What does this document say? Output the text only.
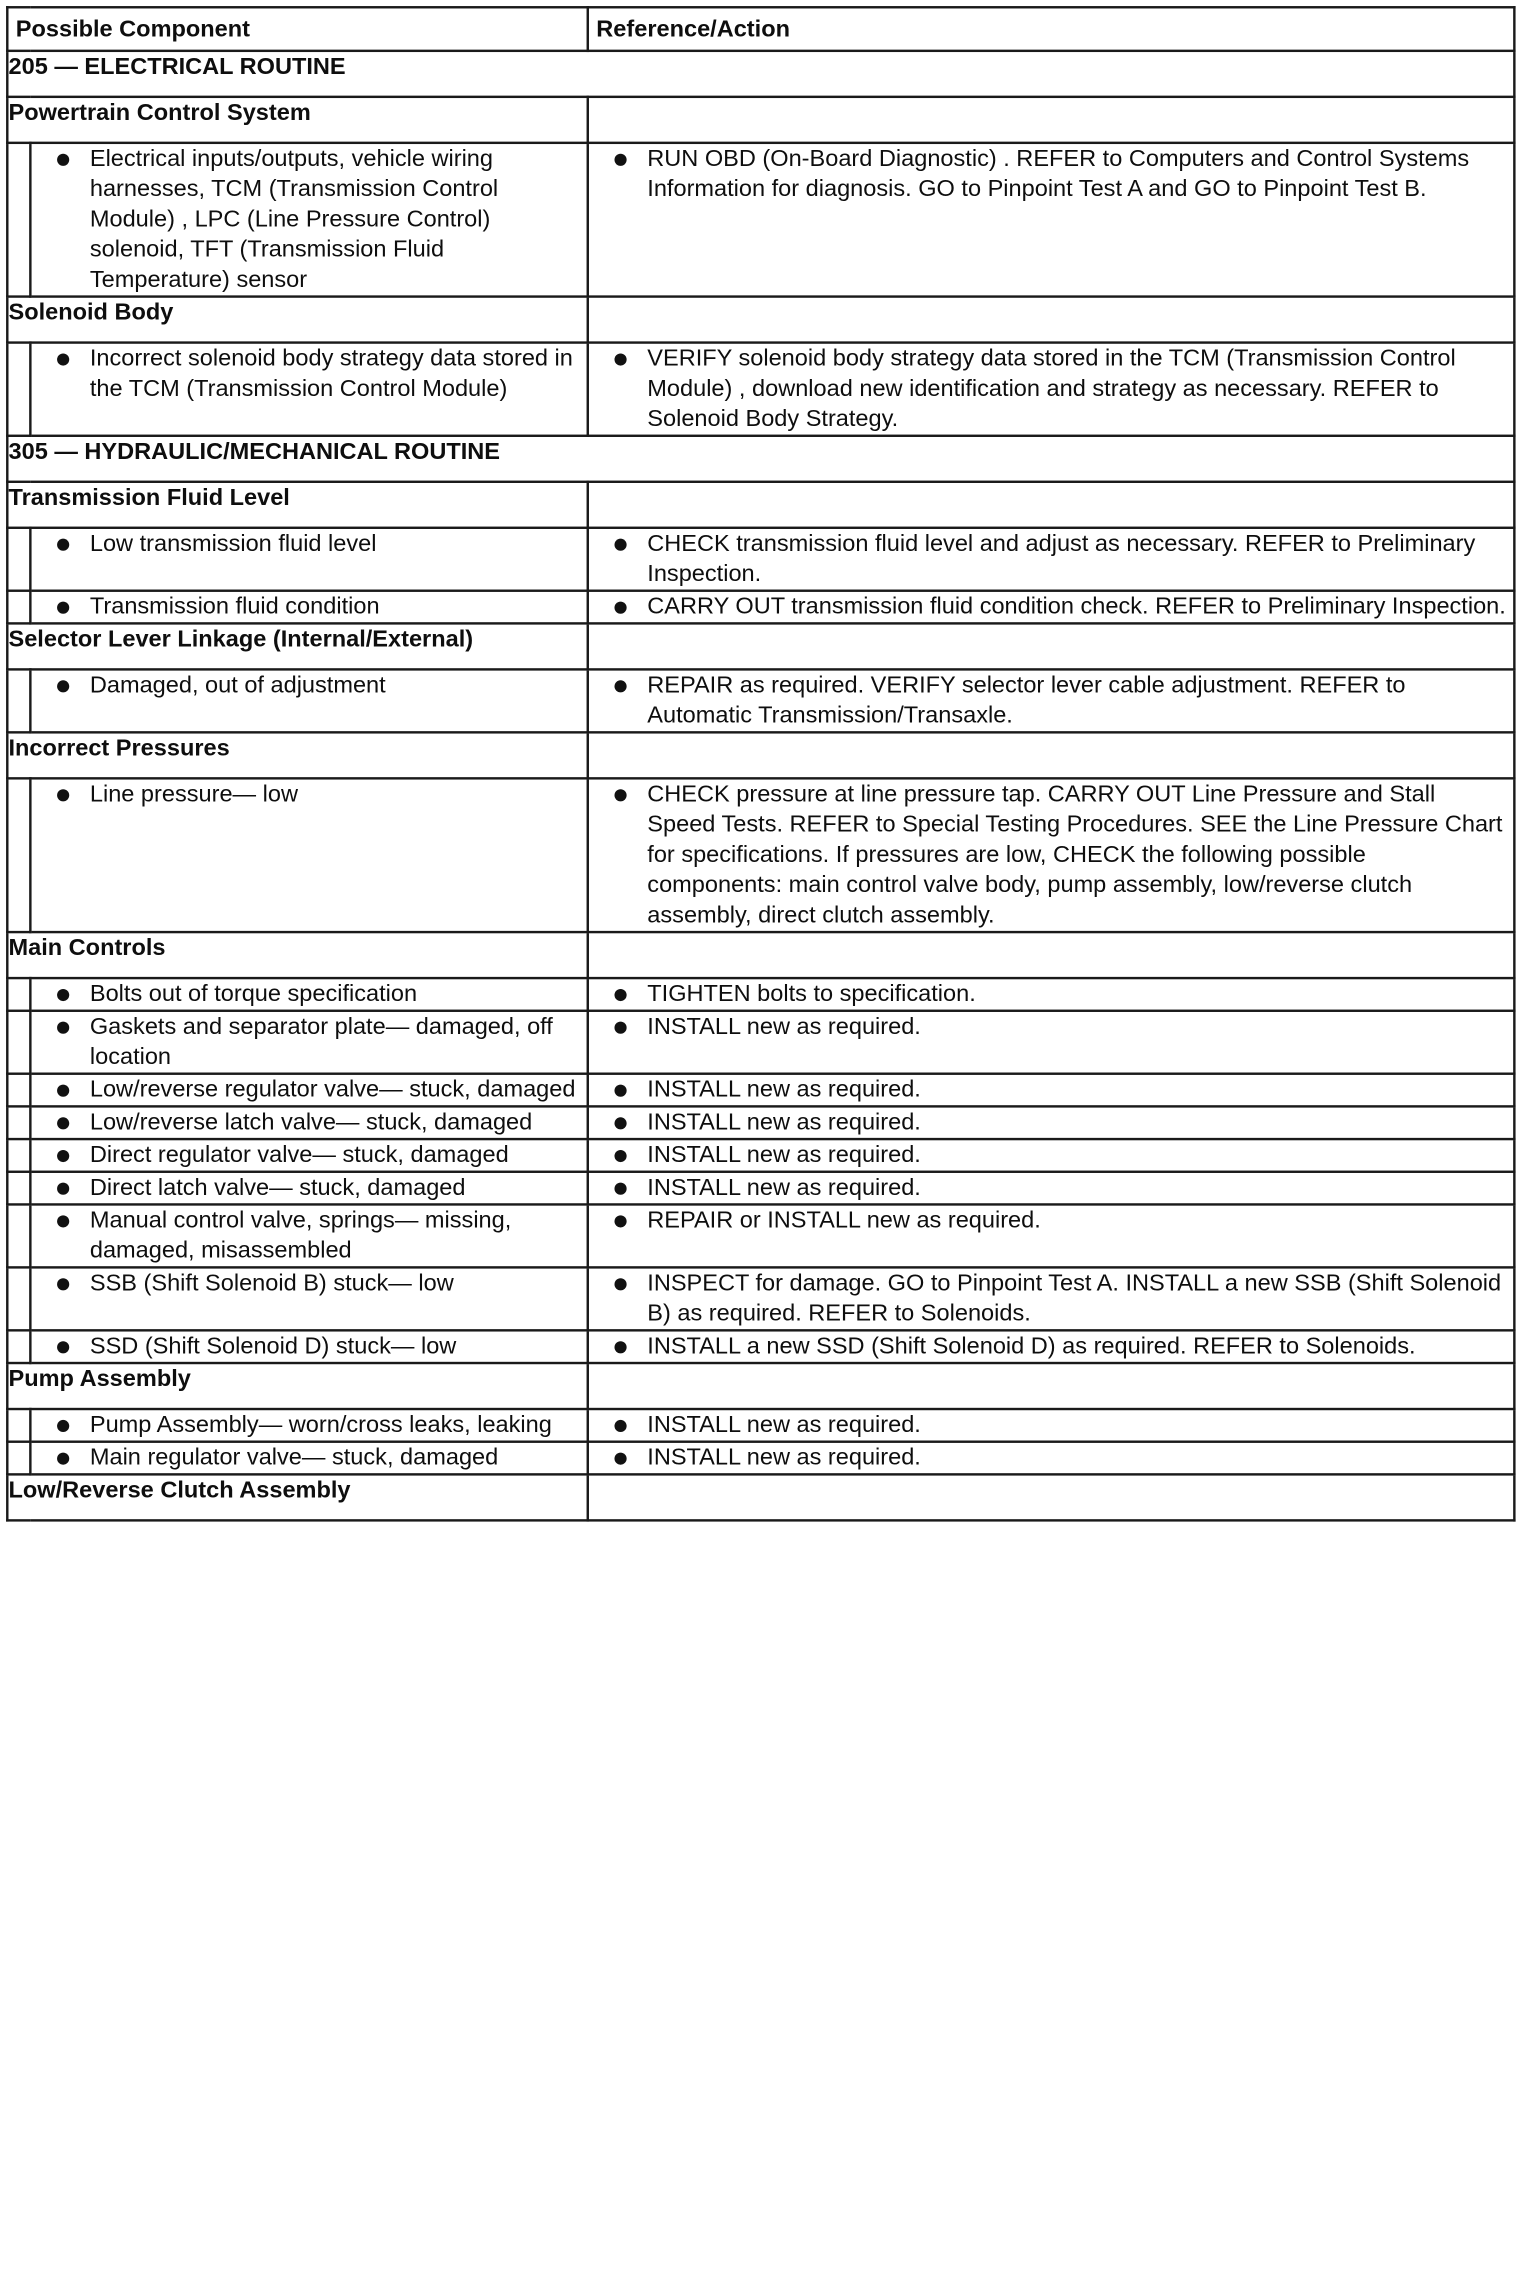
Possible Component		Reference/Action
205 — ELECTRICAL ROUTINE		
Powertrain Control System		

	Electrical inputs/outputs, vehicle wiring harnesses, TCM (Transmission Control Module) , LPC (Line Pressure Control) solenoid, TFT (Transmission Fluid Temperature) sensor	RUN OBD (On-Board Diagnostic) . REFER to Computers and Control Systems Information for diagnosis. GO to Pinpoint Test A and GO to Pinpoint Test B.

Solenoid Body		

	Incorrect solenoid body strategy data stored in the TCM (Transmission Control Module)	VERIFY solenoid body strategy data stored in the TCM (Transmission Control Module) , download new identification and strategy as necessary. REFER to Solenoid Body Strategy.

305 — HYDRAULIC/MECHANICAL ROUTINE		
Transmission Fluid Level		

	Low transmission fluid level	CHECK transmission fluid level and adjust as necessary. REFER to Preliminary Inspection.

	Transmission fluid condition	CARRY OUT transmission fluid condition check. REFER to Preliminary Inspection.

Selector Lever Linkage (Internal/External)		

	Damaged, out of adjustment	REPAIR as required. VERIFY selector lever cable adjustment. REFER to Automatic Transmission/Transaxle.

Incorrect Pressures		

	Line pressure— low	CHECK pressure at line pressure tap. CARRY OUT Line Pressure and Stall Speed Tests. REFER to Special Testing Procedures. SEE the Line Pressure Chart for specifications. If pressures are low, CHECK the following possible components: main control valve body, pump assembly, low/reverse clutch assembly, direct clutch assembly.

Main Controls		

	Bolts out of torque specification	TIGHTEN bolts to specification.

	Gaskets and separator plate— damaged, off location	INSTALL new as required.

	Low/reverse regulator valve— stuck, damaged	INSTALL new as required.

	Low/reverse latch valve— stuck, damaged	INSTALL new as required.

	Direct regulator valve— stuck, damaged	INSTALL new as required.

	Direct latch valve— stuck, damaged	INSTALL new as required.

	Manual control valve, springs— missing, damaged, misassembled	REPAIR or INSTALL new as required.

	SSB (Shift Solenoid B) stuck— low	INSPECT for damage. GO to Pinpoint Test A. INSTALL a new SSB (Shift Solenoid B) as required. REFER to Solenoids.

	SSD (Shift Solenoid D) stuck— low	INSTALL a new SSD (Shift Solenoid D) as required. REFER to Solenoids.

Pump Assembly		

	Pump Assembly— worn/cross leaks, leaking	INSTALL new as required.

	Main regulator valve— stuck, damaged	INSTALL new as required.

Low/Reverse Clutch Assembly		
